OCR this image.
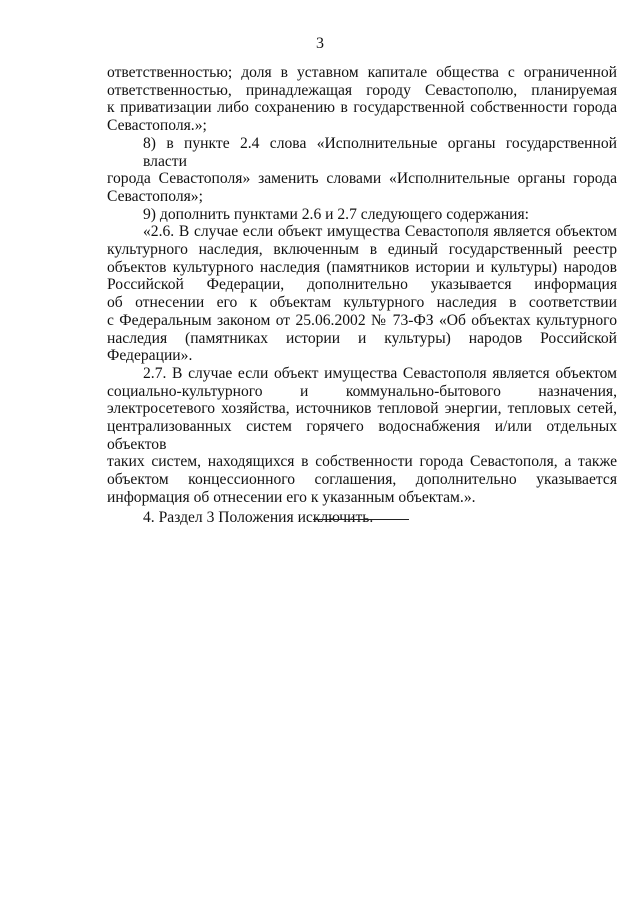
3
ответственностью; доля в уставном капитале общества с ограниченной
ответственностью, принадлежащая городу Севастополю, планируемая
к приватизации либо сохранению в государственной собственности города
Севастополя.»;
8) в пункте 2.4 слова «Исполнительные органы государственной власти
города Севастополя» заменить словами «Исполнительные органы города
Севастополя»;
9) дополнить пунктами 2.6 и 2.7 следующего содержания:
«2.6. В случае если объект имущества Севастополя является объектом
культурного наследия, включенным в единый государственный реестр
объектов культурного наследия (памятников истории и культуры) народов
Российской Федерации, дополнительно указывается информация
об отнесении его к объектам культурного наследия в соответствии
с Федеральным законом от 25.06.2002 № 73-ФЗ «Об объектах культурного
наследия (памятниках истории и культуры) народов Российской Федерации».
2.7. В случае если объект имущества Севастополя является объектом
социально-культурного и коммунально-бытового назначения,
электросетевого хозяйства, источников тепловой энергии, тепловых сетей,
централизованных систем горячего водоснабжения и/или отдельных объектов
таких систем, находящихся в собственности города Севастополя, а также
объектом концессионного соглашения, дополнительно указывается
информация об отнесении его к указанным объектам.».
4. Раздел 3 Положения исключить.
